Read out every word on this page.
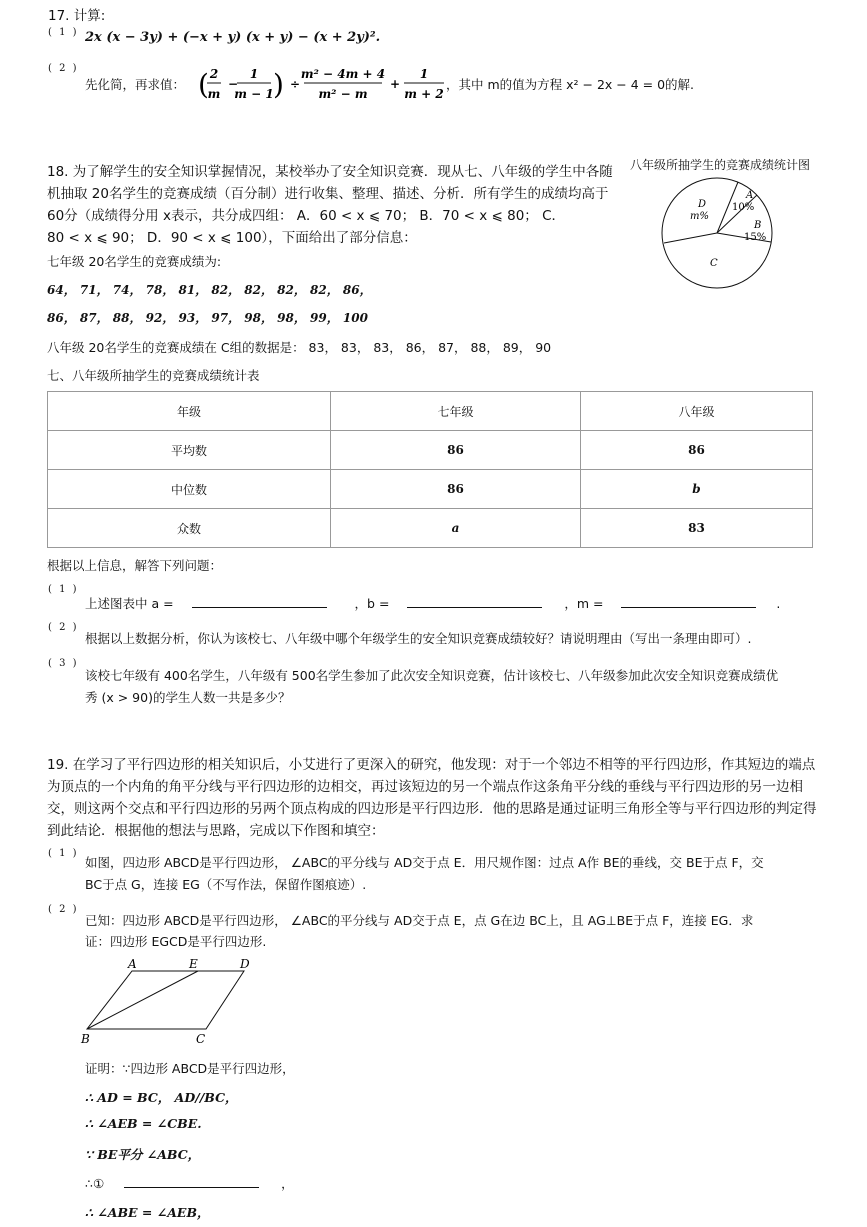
17. 计算:
( 1 ) 2x (x − 3y) + (−x + y) (x + y) − (x + 2y)².
( 2 )
先化简，再求值： ( 2
m
−
1
m − 1 ) ÷
m² − 4m + 4
m² − m
+
1
m + 2
，其中 m的值为方程 x² − 2x − 4 = 0的解.
18. 为了解学生的安全知识掌握情况，某校举办了安全知识竞赛．现从七、八年级的学生中各随
机抽取 20名学生的竞赛成绩（百分制）进行收集、整理、描述、分析．所有学生的成绩均高于
60分（成绩得分用 x表示，共分成四组： A．60 < x ⩽ 70； B．70 < x ⩽ 80； C．
80 < x ⩽ 90； D．90 < x ⩽ 100），下面给出了部分信息：
八年级所抽学生的竞赛成绩统计图
A
10%
B
15%
C
D
m%
七年级 20名学生的竞赛成绩为:
64， 71， 74， 78， 81， 82， 82， 82， 82， 86，
86， 87， 88， 92， 93， 97， 98， 98， 99， 100
八年级 20名学生的竞赛成绩在 C组的数据是： 83， 83， 83， 86， 87， 88， 89， 90
七、八年级所抽学生的竞赛成绩统计表
年级	七年级	八年级
平均数	86	86
中位数	86	b
众数	a	83
根据以上信息，解答下列问题：
( 1 )
上述图表中 a =	，b =	，m =	.
( 2 )
根据以上数据分析，你认为该校七、八年级中哪个年级学生的安全知识竞赛成绩较好？请说明理由（写出一条理由即可）.
( 3 )
该校七年级有 400名学生，八年级有 500名学生参加了此次安全知识竞赛，估计该校七、八年级参加此次安全知识竞赛成绩优
秀 (x > 90)的学生人数一共是多少？
19. 在学习了平行四边形的相关知识后，小艾进行了更深入的研究，他发现：对于一个邻边不相等的平行四边形，作其短边的端点
为顶点的一个内角的角平分线与平行四边形的边相交，再过该短边的另一个端点作这条角平分线的垂线与平行四边形的另一边相
交，则这两个交点和平行四边形的另两个顶点构成的四边形是平行四边形．他的思路是通过证明三角形全等与平行四边形的判定得
到此结论．根据他的想法与思路，完成以下作图和填空：
( 1 )
如图，四边形 ABCD是平行四边形， ∠ABC的平分线与 AD交于点 E．用尺规作图：过点 A作 BE的垂线，交 BE于点 F，交
BC于点 G，连接 EG（不写作法，保留作图痕迹）.
( 2 )
已知：四边形 ABCD是平行四边形， ∠ABC的平分线与 AD交于点 E，点 G在边 BC上，且 AG⊥BE于点 F，连接 EG．求
证：四边形 EGCD是平行四边形.
A	E	D
B	C
证明：∵四边形 ABCD是平行四边形，
∴ AD = BC， AD//BC，
∴ ∠AEB = ∠CBE.
∵ BE平分 ∠ABC，
∴①	，
∴ ∠ABE = ∠AEB，
